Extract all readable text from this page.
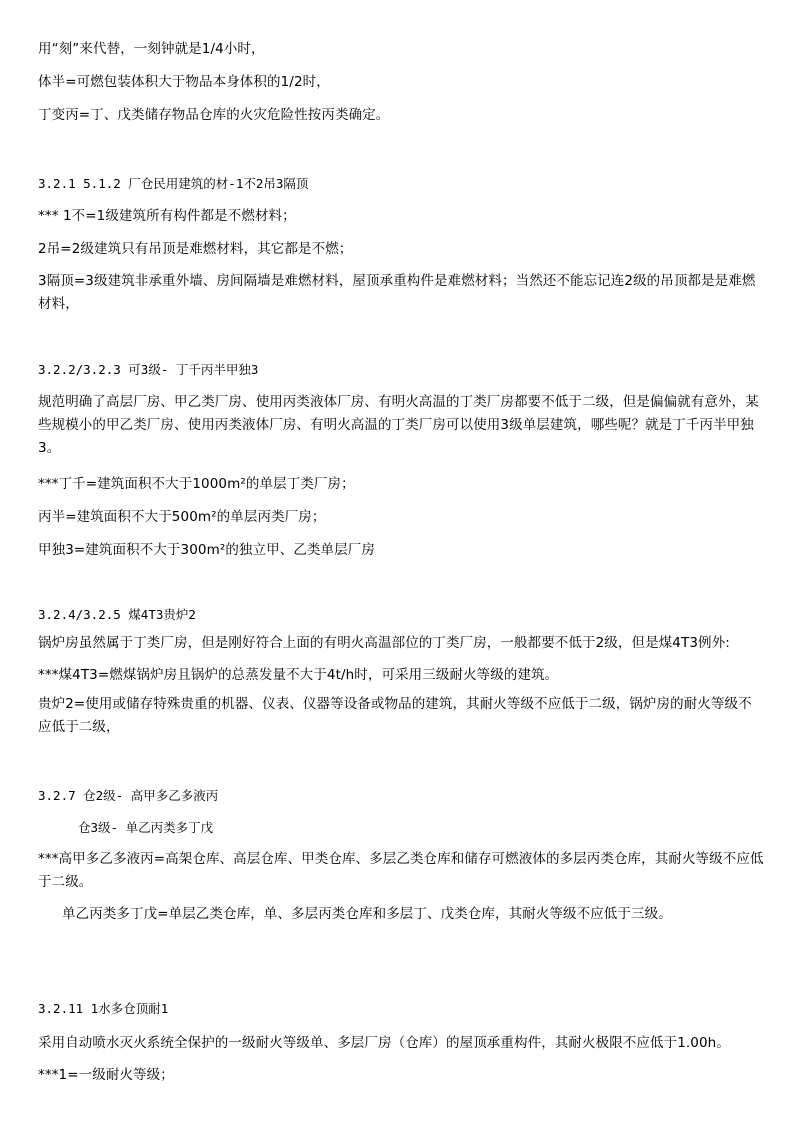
用“刻”来代替，一刻钟就是1/4小时，
体半=可燃包装体积大于物品本身体积的1/2时，
丁变丙=丁、戊类储存物品仓库的火灾危险性按丙类确定。
3.2.1 5.1.2 厂仓民用建筑的材-1不2吊3隔顶
*** 1不=1级建筑所有构件都是不燃材料；
2吊=2级建筑只有吊顶是难燃材料，其它都是不燃；
3隔顶=3级建筑非承重外墙、房间隔墙是难燃材料，屋顶承重构件是难燃材料；当然还不能忘记连2级的吊顶都是是难燃材料，
3.2.2/3.2.3 可3级- 丁千丙半甲独3
规范明确了高层厂房、甲乙类厂房、使用丙类液体厂房、有明火高温的丁类厂房都要不低于二级，但是偏偏就有意外，某些规模小的甲乙类厂房、使用丙类液体厂房、有明火高温的丁类厂房可以使用3级单层建筑，哪些呢？就是丁千丙半甲独3。
***丁千=建筑面积不大于1000m²的单层丁类厂房；
丙半=建筑面积不大于500m²的单层丙类厂房；
甲独3=建筑面积不大于300m²的独立甲、乙类单层厂房
3.2.4/3.2.5 煤4T3贵炉2
锅炉房虽然属于丁类厂房，但是刚好符合上面的有明火高温部位的丁类厂房，一般都要不低于2级，但是煤4T3例外:
***煤4T3=燃煤锅炉房且锅炉的总蒸发量不大于4t/h时，可采用三级耐火等级的建筑。
贵炉2=使用或储存特殊贵重的机器、仪表、仪器等设备或物品的建筑，其耐火等级不应低于二级，锅炉房的耐火等级不应低于二级，
3.2.7 仓2级- 高甲多乙多液丙
仓3级- 单乙丙类多丁戊
***高甲多乙多液丙=高架仓库、高层仓库、甲类仓库、多层乙类仓库和储存可燃液体的多层丙类仓库，其耐火等级不应低于二级。
单乙丙类多丁戊=单层乙类仓库，单、多层丙类仓库和多层丁、戊类仓库，其耐火等级不应低于三级。
3.2.11 1水多仓顶耐1
采用自动喷水灭火系统全保护的一级耐火等级单、多层厂房（仓库）的屋顶承重构件，其耐火极限不应低于1.00h。
***1=一级耐火等级；
